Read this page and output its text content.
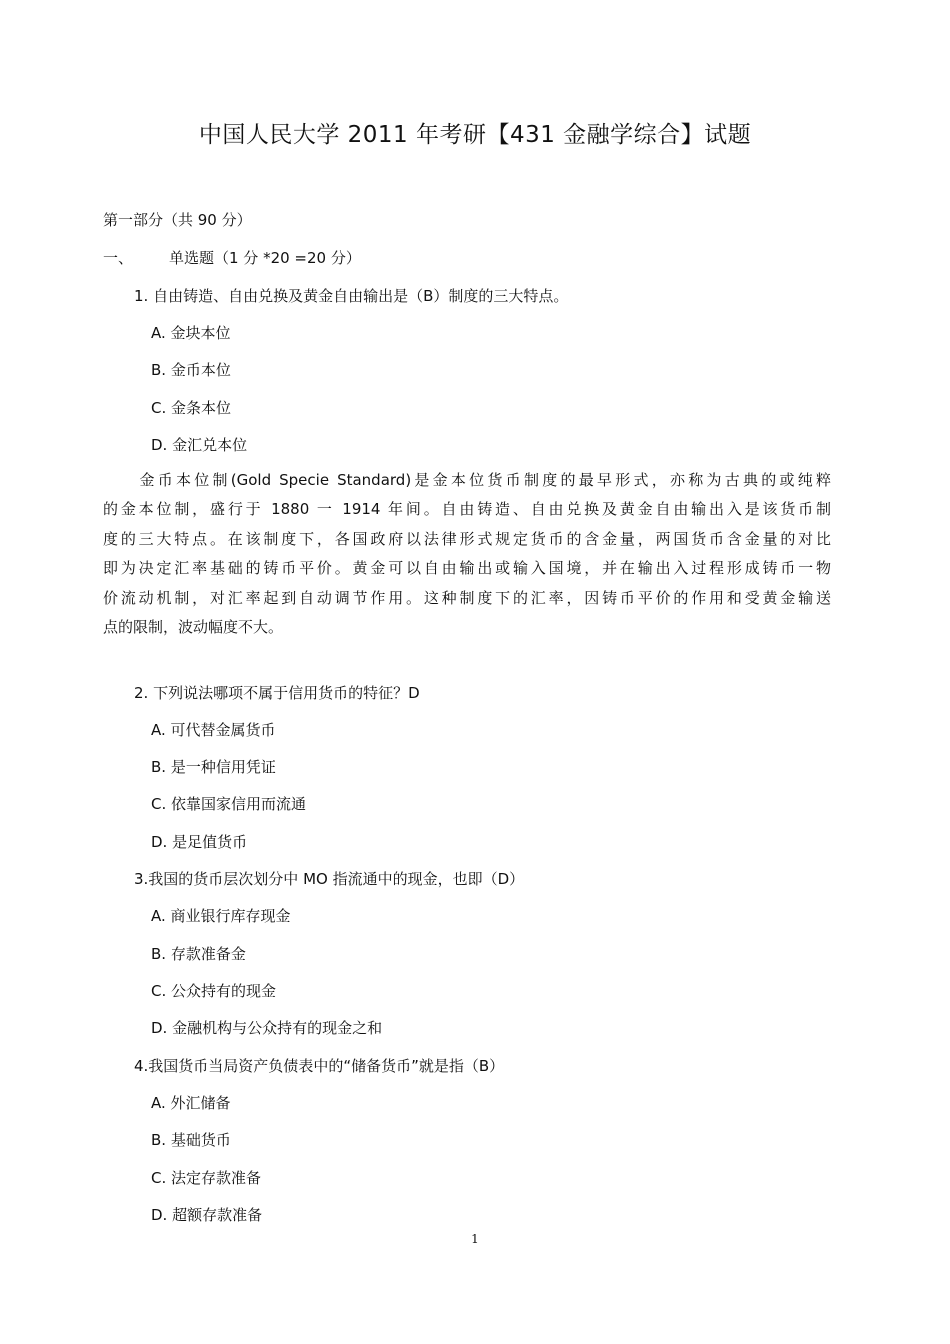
中国人民大学 2011 年考研【431 金融学综合】试题
第一部分（共 90 分）
一、 单选题（1 分 *20 =20 分）
1. 自由铸造、自由兑换及黄金自由输出是（B）制度的三大特点。
A. 金块本位
B. 金币本位
C. 金条本位
D. 金汇兑本位
　　金币本位制(Gold Specie Standard)是金本位货币制度的最早形式，亦称为古典的或纯粹
的金本位制，盛行于 1880 一 1914 年间。自由铸造、自由兑换及黄金自由输出入是该货币制
度的三大特点。在该制度下，各国政府以法律形式规定货币的含金量，两国货币含金量的对比
即为决定汇率基础的铸币平价。黄金可以自由输出或输入国境，并在输出入过程形成铸币一物
价流动机制，对汇率起到自动调节作用。这种制度下的汇率，因铸币平价的作用和受黄金输送
点的限制，波动幅度不大。
2. 下列说法哪项不属于信用货币的特征？D
A. 可代替金属货币
B. 是一种信用凭证
C. 依靠国家信用而流通
D. 是足值货币
3.我国的货币层次划分中 MO 指流通中的现金，也即（D）
A. 商业银行库存现金
B. 存款准备金
C. 公众持有的现金
D. 金融机构与公众持有的现金之和
4.我国货币当局资产负债表中的“储备货币”就是指（B）
A. 外汇储备
B. 基础货币
C. 法定存款准备
D. 超额存款准备
1
